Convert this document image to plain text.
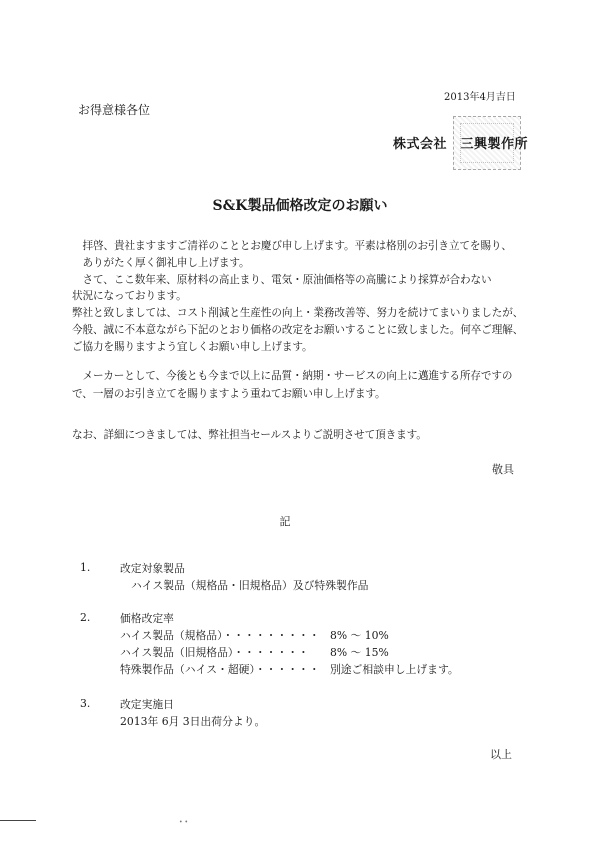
2013年4月吉日
お得意様各位
株式会社　三興製作所
S&K製品価格改定のお願い
　拝啓、貴社ますますご清祥のこととお慶び申し上げます。平素は格別のお引き立てを賜り、
　ありがたく厚く御礼申し上げます。
　さて、ここ数年来、原材料の高止まり、電気・原油価格等の高騰により採算が合わない
状況になっております。
弊社と致しましては、コスト削減と生産性の向上・業務改善等、努力を続けてまいりましたが、
今般、誠に不本意ながら下記のとおり価格の改定をお願いすることに致しました。何卒ご理解、
ご協力を賜りますよう宜しくお願い申し上げます。
　メーカーとして、今後とも今まで以上に品質・納期・サービスの向上に邁進する所存ですの
で、一層のお引き立てを賜りますよう重ねてお願い申し上げます。
なお、詳細につきましては、弊社担当セールスよりご説明させて頂きます。
敬具
記
1.	改定対象製品
ハイス製品（規格品・旧規格品）及び特殊製作品
2.	価格改定率
ハイス製品（規格品）・・・・・・・・・ 8% 〜 10%
ハイス製品（旧規格品）・・・・・・・ 8% 〜 15%
特殊製作品（ハイス・超硬）・・・・・・ 別途ご相談申し上げます。
3.	改定実施日
2013年 6月 3日出荷分より。
以上
• •
